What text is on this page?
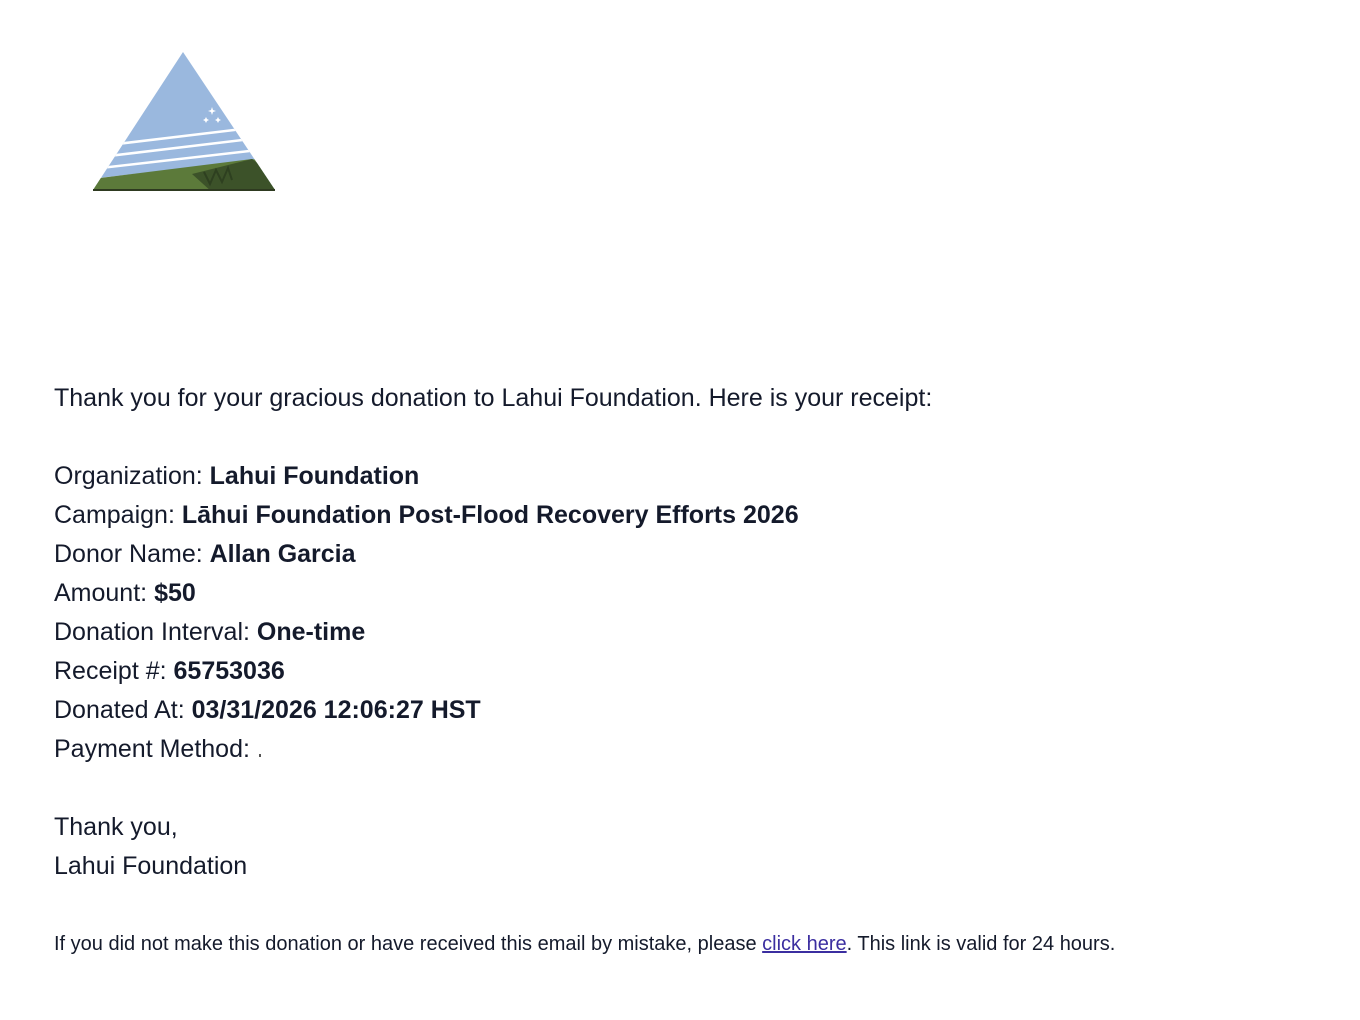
Thank you for your gracious donation to Lahui Foundation. Here is your receipt:
Organization: Lahui Foundation
Campaign: Lāhui Foundation Post-Flood Recovery Efforts 2026
Donor Name: Allan Garcia
Amount: $50
Donation Interval: One-time
Receipt #: 65753036
Donated At: 03/31/2026 12:06:27 HST
Payment Method:
Thank you,
Lahui Foundation
If you did not make this donation or have received this email by mistake, please click here. This link is valid for 24 hours.
